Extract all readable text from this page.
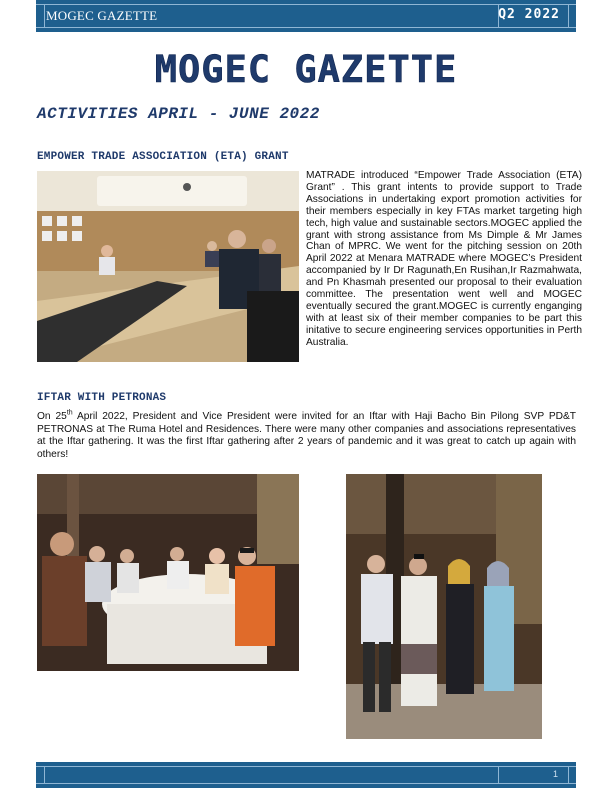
MOGEC GAZETTE	Q2 2022
MOGEC GAZETTE
ACTIVITIES APRIL - JUNE 2022
EMPOWER TRADE ASSOCIATION (ETA) GRANT
MATRADE introduced “Empower Trade Association (ETA) Grant” . This grant intents to provide support to Trade Associations in undertaking export promotion activities for their members especially in key FTAs market targeting high tech, high value and sustainable sectors.MOGEC applied the grant with strong assistance from Ms Dimple & Mr James Chan of MPRC. We went for the pitching session on 20th April 2022 at Menara MATRADE where MOGEC’s President accompanied by Ir Dr Ragunath,En Rusihan,Ir Razmahwata, and Pn Khasmah presented our proposal to their evaluation committee. The presentation went well and MOGEC eventually secured the grant.MOGEC is currently enganging with at least six of their member companies to be part this initative to secure engineering services opportunities in Perth Australia.
IFTAR WITH PETRONAS
On 25th April 2022, President and Vice President were invited for an Iftar with Haji Bacho Bin Pilong SVP PD&T PETRONAS at The Ruma Hotel and Residences. There were many other companies and associations representatives at the Iftar gathering. It was the first Iftar gathering after 2 years of pandemic and it was great to catch up again with others!
1
